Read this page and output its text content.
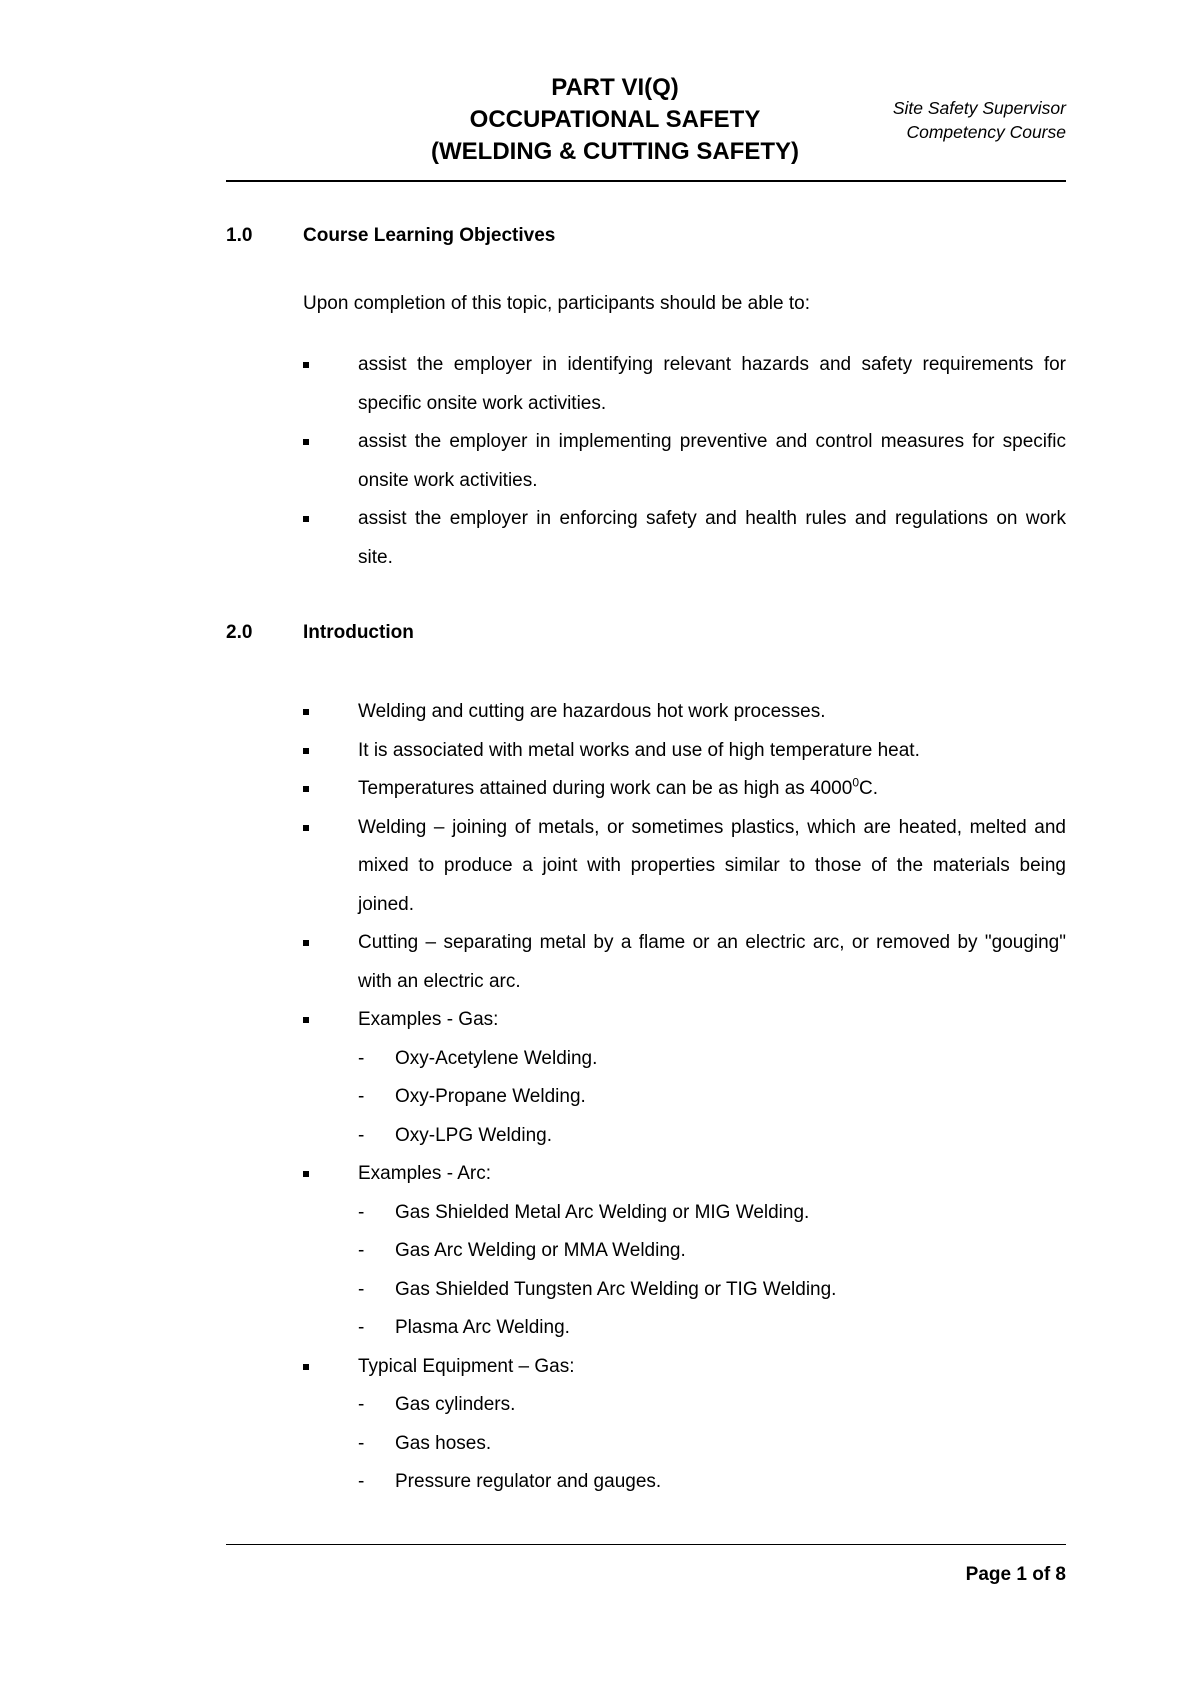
PART VI(Q)
OCCUPATIONAL SAFETY
(WELDING & CUTTING SAFETY)
Site Safety Supervisor
Competency Course
1.0	Course Learning Objectives
Upon completion of this topic, participants should be able to:
assist the employer in identifying relevant hazards and safety requirements for specific onsite work activities.
assist the employer in implementing preventive and control measures for specific onsite work activities.
assist the employer in enforcing safety and health rules and regulations on work site.
2.0	Introduction
Welding and cutting are hazardous hot work processes.
It is associated with metal works and use of high temperature heat.
Temperatures attained during work can be as high as 4000$^0$C.
Welding – joining of metals, or sometimes plastics, which are heated, melted and mixed to produce a joint with properties similar to those of the materials being joined.
Cutting – separating metal by a flame or an electric arc, or removed by "gouging" with an electric arc.
Examples - Gas:
- Oxy-Acetylene Welding.
- Oxy-Propane Welding.
- Oxy-LPG Welding.
Examples - Arc:
- Gas Shielded Metal Arc Welding or MIG Welding.
- Gas Arc Welding or MMA Welding.
- Gas Shielded Tungsten Arc Welding or TIG Welding.
- Plasma Arc Welding.
Typical Equipment – Gas:
- Gas cylinders.
- Gas hoses.
- Pressure regulator and gauges.
Page 1 of 8
